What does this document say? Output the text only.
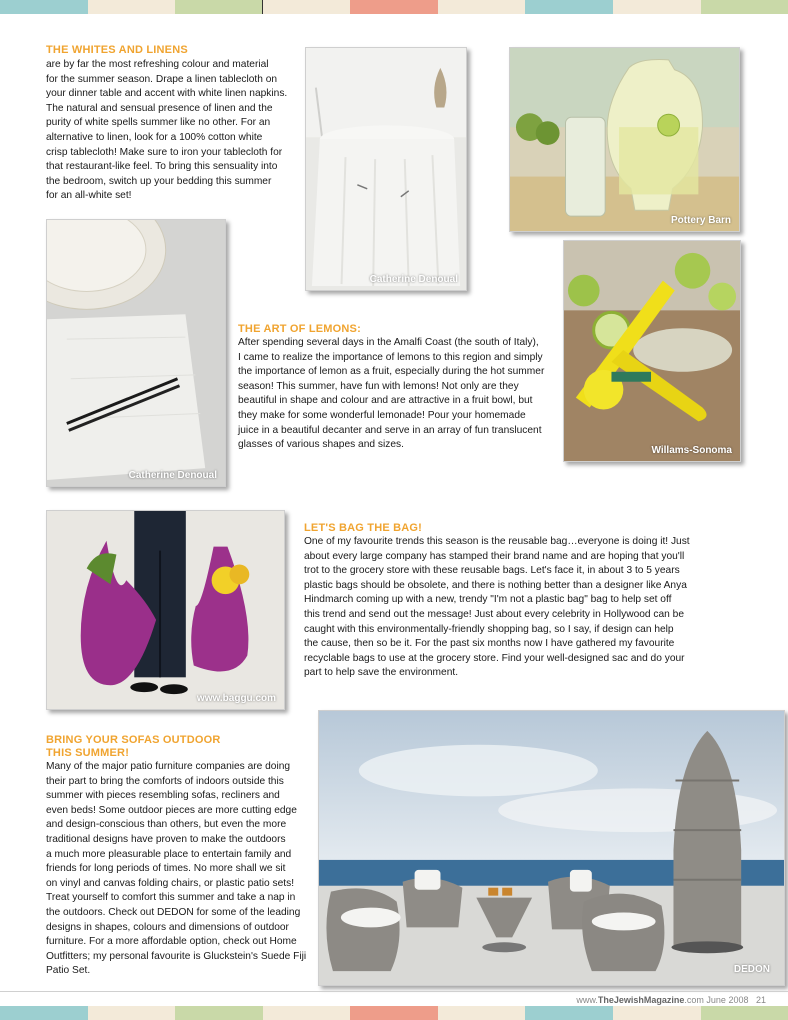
THE WHITES AND LINENS
are by far the most refreshing colour and material
for the summer season. Drape a linen tablecloth on
your dinner table and accent with white linen napkins.
The natural and sensual presence of linen and the
purity of white spells summer like no other. For an
alternative to linen, look for a 100% cotton white
crisp tablecloth! Make sure to iron your tablecloth for
that restaurant-like feel. To bring this sensuality into
the bedroom, switch up your bedding this summer
for an all-white set!
Catherine Denoual
Pottery Barn
Catherine Denoual
THE ART OF LEMONS:
After spending several days in the Amalfi Coast (the south of Italy),
I came to realize the importance of lemons to this region and simply
the importance of lemon as a fruit, especially during the hot summer
season! This summer, have fun with lemons! Not only are they
beautiful in shape and colour and are attractive in a fruit bowl, but
they make for some wonderful lemonade! Pour your homemade
juice in a beautiful decanter and serve in an array of fun translucent
glasses of various shapes and sizes.
Willams-Sonoma
www.baggu.com
LET'S BAG THE BAG!
One of my favourite trends this season is the reusable bag…everyone is doing it! Just
about every large company has stamped their brand name and are hoping that you'll
trot to the grocery store with these reusable bags. Let's face it, in about 3 to 5 years
plastic bags should be obsolete, and there is nothing better than a designer like Anya
Hindmarch coming up with a new, trendy "I'm not a plastic bag" bag to help set off
this trend and send out the message! Just about every celebrity in Hollywood can be
caught with this environmentally-friendly shopping bag, so I say, if design can help
the cause, then so be it. For the past six months now I have gathered my favourite
recyclable bags to use at the grocery store. Find your well-designed sac and do your
part to help save the environment.
BRING YOUR SOFAS OUTDOOR
THIS SUMMER!
Many of the major patio furniture companies are doing
their part to bring the comforts of indoors outside this
summer with pieces resembling sofas, recliners and
even beds! Some outdoor pieces are more cutting edge
and design-conscious than others, but even the more
traditional designs have proven to make the outdoors
a much more pleasurable place to entertain family and
friends for long periods of times. No more shall we sit
on vinyl and canvas folding chairs, or plastic patio sets!
Treat yourself to comfort this summer and take a nap in
the outdoors. Check out DEDON for some of the leading
designs in shapes, colours and dimensions of outdoor
furniture. For a more affordable option, check out Home
Outfitters; my personal favourite is Gluckstein's Suede Fiji
Patio Set.	DEDON
www.TheJewishMagazine.com June 2008 21
